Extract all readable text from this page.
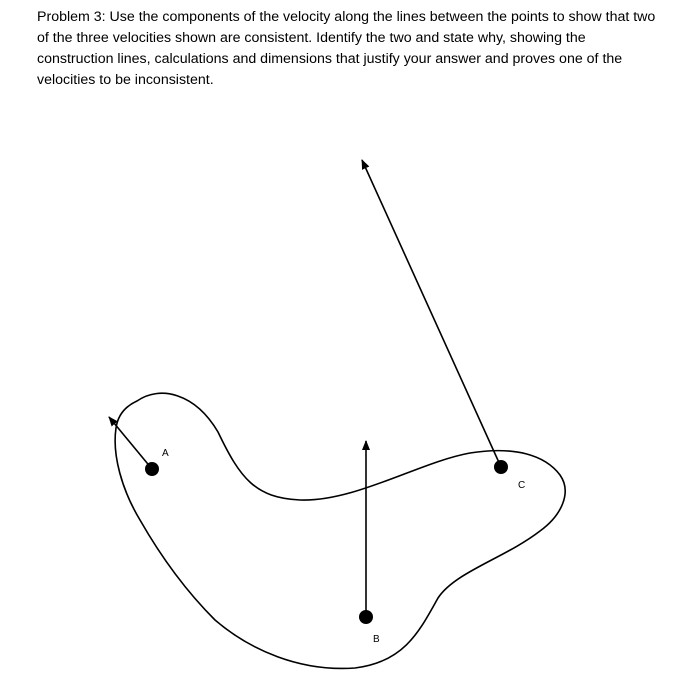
Problem 3: Use the components of the velocity along the lines between the points to show that two of the three velocities shown are consistent. Identify the two and state why, showing the construction lines, calculations and dimensions that justify your answer and proves one of the velocities to be inconsistent.

A
B
C
